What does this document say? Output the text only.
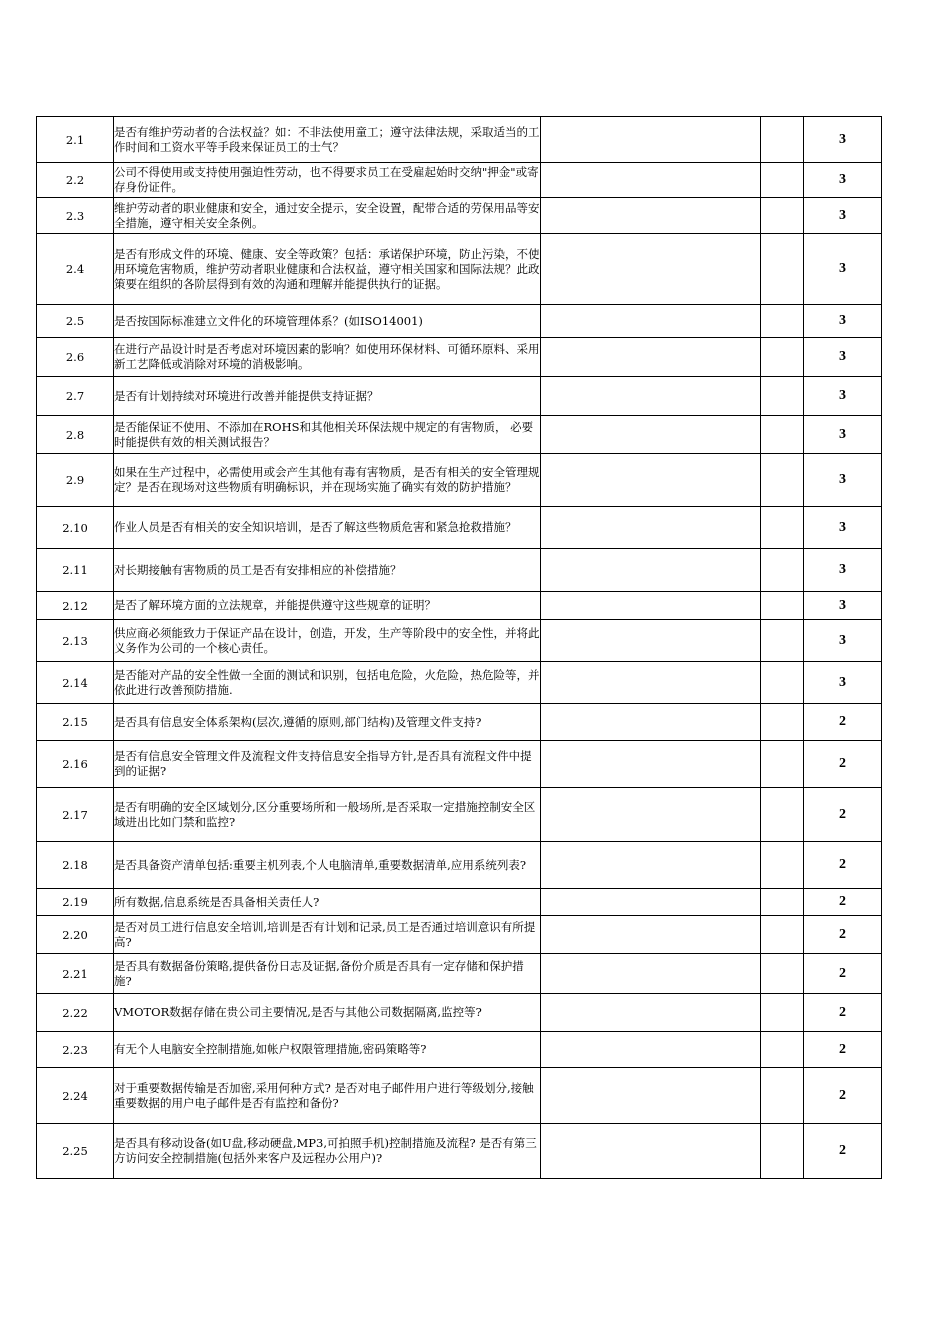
2.1	是否有维护劳动者的合法权益？如：不非法使用童工；遵守法律法规，采取适当的工作时间和工资水平等手段来保证员工的士气？			3
2.2	公司不得使用或支持使用强迫性劳动，也不得要求员工在受雇起始时交纳"押金"或寄存身份证件。			3
2.3	维护劳动者的职业健康和安全，通过安全提示，安全设置，配带合适的劳保用品等安全措施，遵守相关安全条例。			3
2.4	是否有形成文件的环境、健康、安全等政策？包括：承诺保护环境，防止污染，不使用环境危害物质，维护劳动者职业健康和合法权益，遵守相关国家和国际法规？此政策要在组织的各阶层得到有效的沟通和理解并能提供执行的证据。			3
2.5	是否按国际标准建立文件化的环境管理体系？(如ISO14001)			3
2.6	在进行产品设计时是否考虑对环境因素的影响？如使用环保材料、可循环原料、采用新工艺降低或消除对环境的消极影响。			3
2.7	是否有计划持续对环境进行改善并能提供支持证据？			3
2.8	是否能保证不使用、不添加在ROHS和其他相关环保法规中规定的有害物质， 必要时能提供有效的相关测试报告？			3
2.9	如果在生产过程中，必需使用或会产生其他有毒有害物质，是否有相关的安全管理规定？是否在现场对这些物质有明确标识，并在现场实施了确实有效的防护措施？			3
2.10	作业人员是否有相关的安全知识培训，是否了解这些物质危害和紧急抢救措施？			3
2.11	对长期接触有害物质的员工是否有安排相应的补偿措施？			3
2.12	是否了解环境方面的立法规章，并能提供遵守这些规章的证明？			3
2.13	供应商必须能致力于保证产品在设计，创造，开发，生产等阶段中的安全性，并将此义务作为公司的一个核心责任。			3
2.14	是否能对产品的安全性做一全面的测试和识别，包括电危险，火危险，热危险等，并依此进行改善预防措施.			3
2.15	是否具有信息安全体系架构(层次,遵循的原则,部门结构)及管理文件支持?			2
2.16	是否有信息安全管理文件及流程文件支持信息安全指导方针,是否具有流程文件中提到的证据?			2
2.17	是否有明确的安全区域划分,区分重要场所和一般场所,是否采取一定措施控制安全区域进出比如门禁和监控?			2
2.18	是否具备资产清单包括:重要主机列表,个人电脑清单,重要数据清单,应用系统列表?			2
2.19	所有数据,信息系统是否具备相关责任人?			2
2.20	是否对员工进行信息安全培训,培训是否有计划和记录,员工是否通过培训意识有所提高?			2
2.21	是否具有数据备份策略,提供备份日志及证据,备份介质是否具有一定存储和保护措施?			2
2.22	VMOTOR数据存储在贵公司主要情况,是否与其他公司数据隔离,监控等?			2
2.23	有无个人电脑安全控制措施,如帐户权限管理措施,密码策略等?			2
2.24	对于重要数据传输是否加密,采用何种方式? 是否对电子邮件用户进行等级划分,接触重要数据的用户电子邮件是否有监控和备份?			2
2.25	是否具有移动设备(如U盘,移动硬盘,MP3,可拍照手机)控制措施及流程? 是否有第三方访问安全控制措施(包括外来客户及远程办公用户)?			2
